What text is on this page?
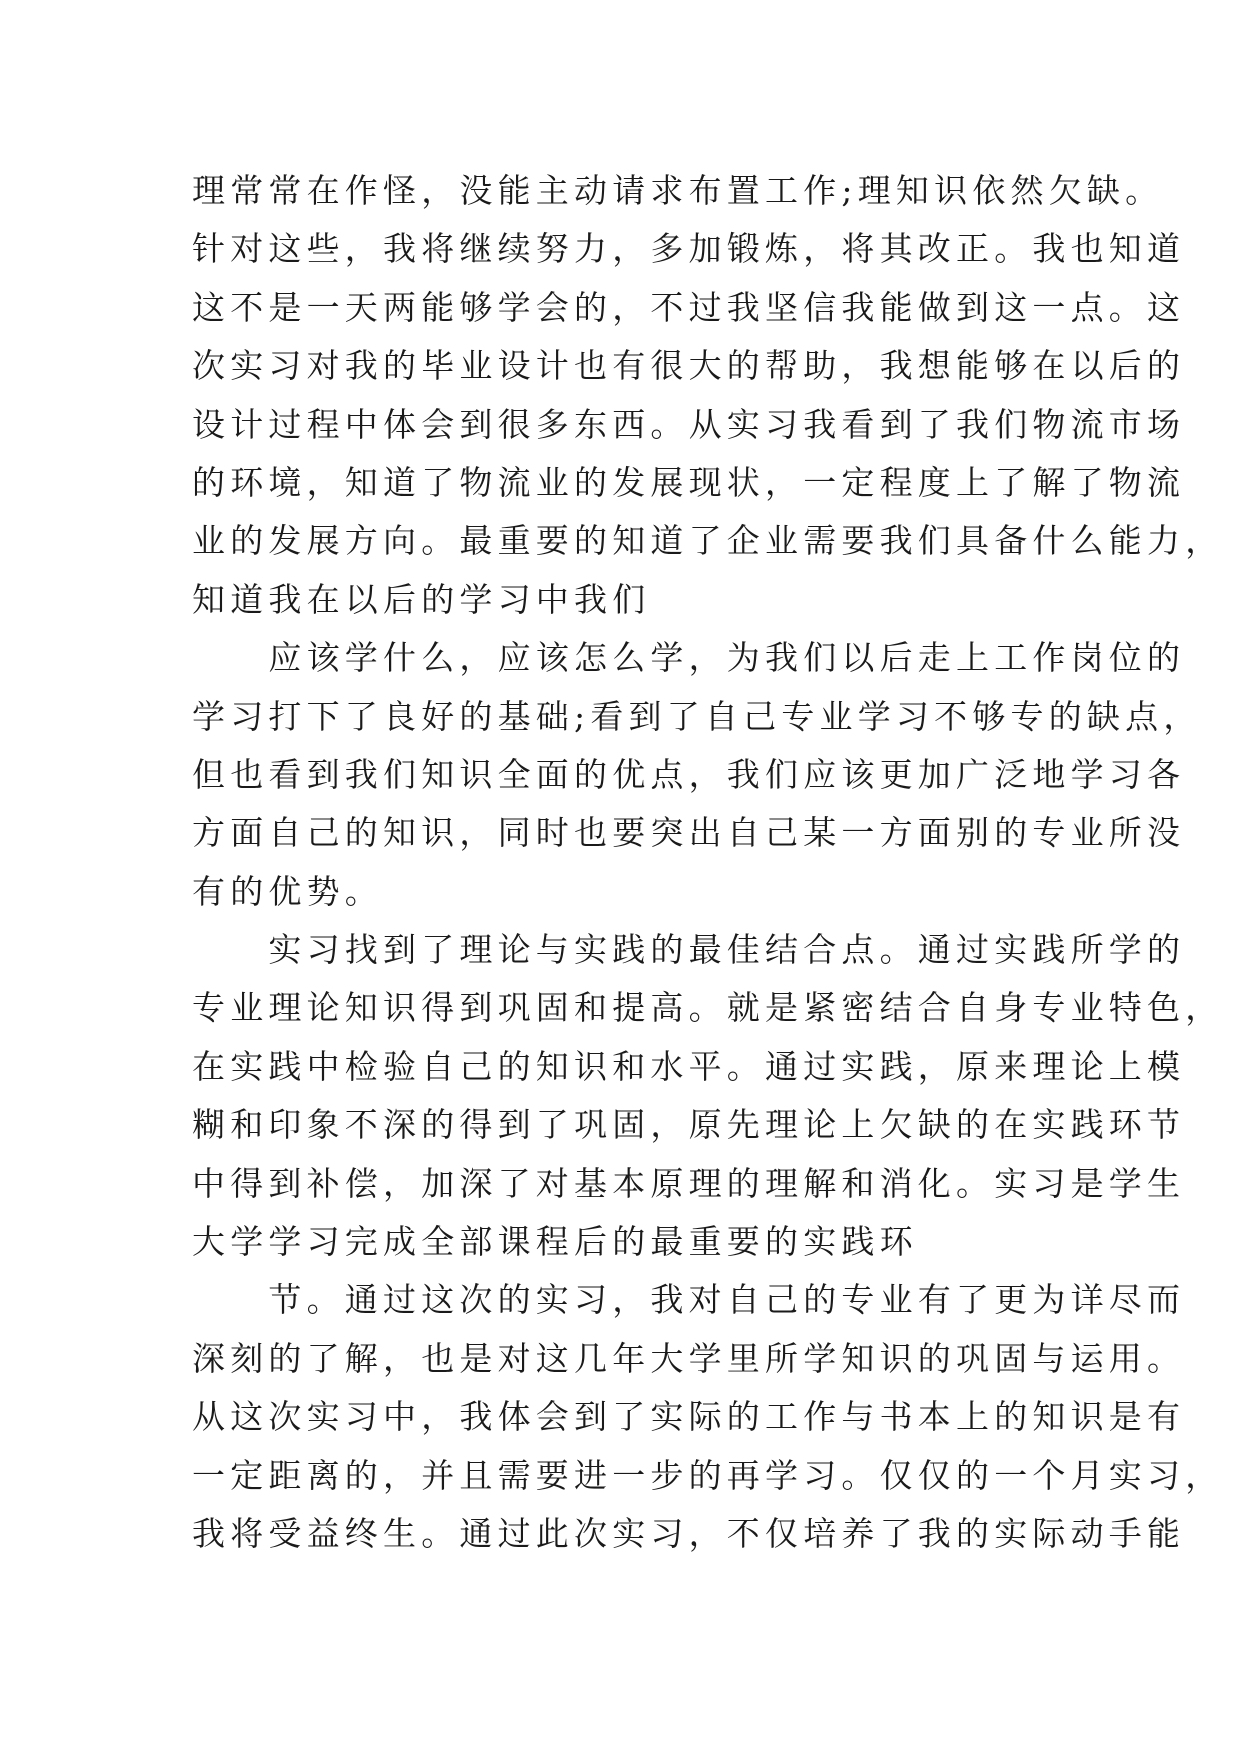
理常常在作怪，没能主动请求布置工作;理知识依然欠缺。
针对这些，我将继续努力，多加锻炼，将其改正。我也知道
这不是一天两能够学会的，不过我坚信我能做到这一点。这
次实习对我的毕业设计也有很大的帮助，我想能够在以后的
设计过程中体会到很多东西。从实习我看到了我们物流市场
的环境，知道了物流业的发展现状，一定程度上了解了物流
业的发展方向。最重要的知道了企业需要我们具备什么能力，
知道我在以后的学习中我们
　　应该学什么，应该怎么学，为我们以后走上工作岗位的
学习打下了良好的基础;看到了自己专业学习不够专的缺点，
但也看到我们知识全面的优点，我们应该更加广泛地学习各
方面自己的知识，同时也要突出自己某一方面别的专业所没
有的优势。
　　实习找到了理论与实践的最佳结合点。通过实践所学的
专业理论知识得到巩固和提高。就是紧密结合自身专业特色，
在实践中检验自己的知识和水平。通过实践，原来理论上模
糊和印象不深的得到了巩固，原先理论上欠缺的在实践环节
中得到补偿，加深了对基本原理的理解和消化。实习是学生
大学学习完成全部课程后的最重要的实践环
　　节。通过这次的实习，我对自己的专业有了更为详尽而
深刻的了解，也是对这几年大学里所学知识的巩固与运用。
从这次实习中，我体会到了实际的工作与书本上的知识是有
一定距离的，并且需要进一步的再学习。仅仅的一个月实习，
我将受益终生。通过此次实习，不仅培养了我的实际动手能
